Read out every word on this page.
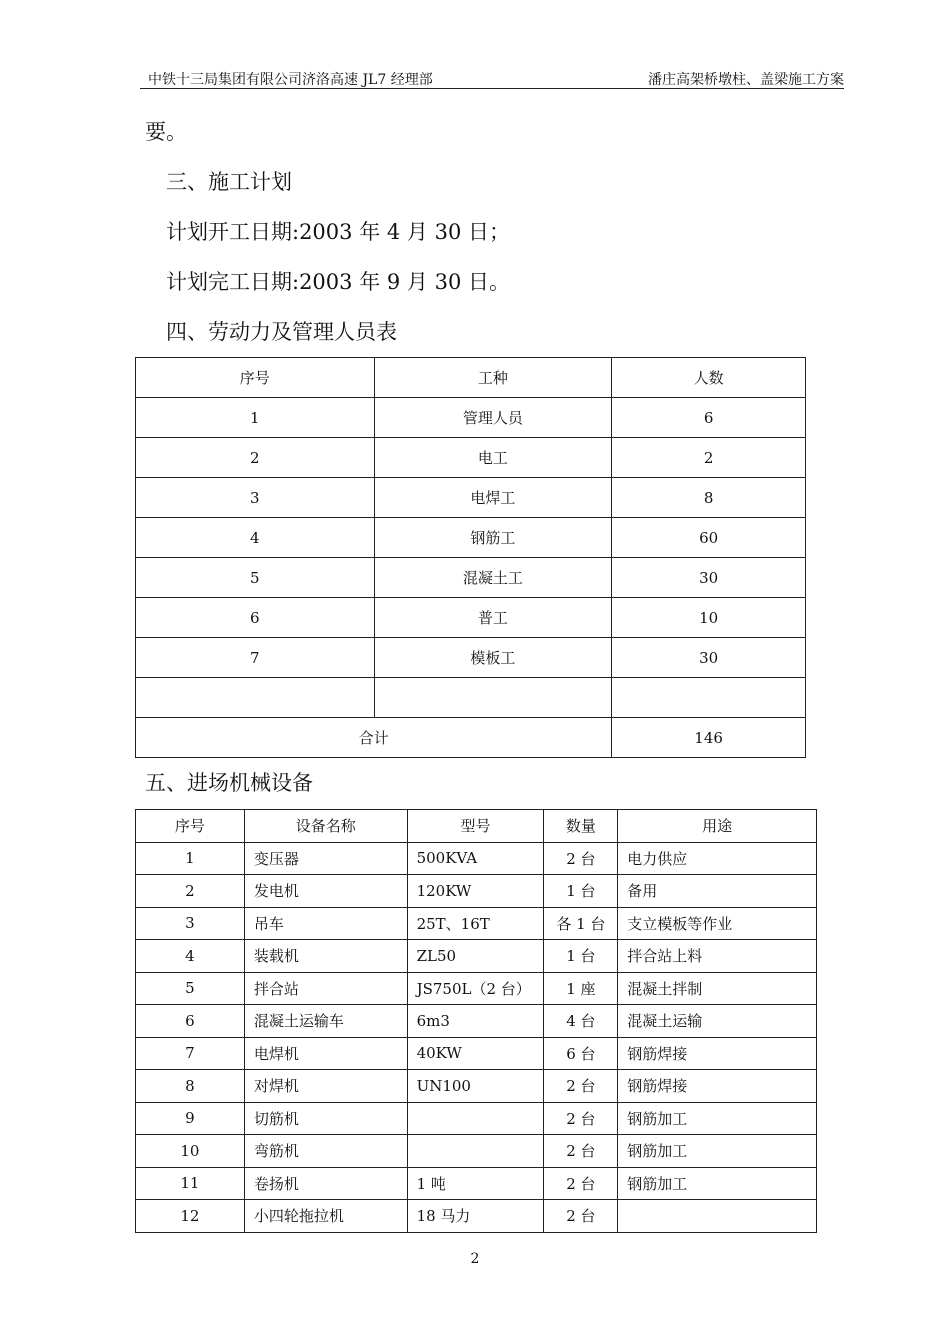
中铁十三局集团有限公司济洛高速 JL7 经理部	潘庄高架桥墩柱、盖梁施工方案
要。
三、施工计划
计划开工日期:2003 年 4 月 30 日；
计划完工日期:2003 年 9 月 30 日。
四、劳动力及管理人员表
序号	工种	人数
1	管理人员	6
2	电工	2
3	电焊工	8
4	钢筋工	60
5	混凝土工	30
6	普工	10
7	模板工	30

合计		146
五、进场机械设备
序号	设备名称	型号	数量	用途
1	变压器	500KVA	2 台	电力供应
2	发电机	120KW	1 台	备用
3	吊车	25T、16T	各 1 台	支立模板等作业
4	装载机	ZL50	1 台	拌合站上料
5	拌合站	JS750L（2 台）	1 座	混凝土拌制
6	混凝土运输车	6m3	4 台	混凝土运输
7	电焊机	40KW	6 台	钢筋焊接
8	对焊机	UN100	2 台	钢筋焊接
9	切筋机		2 台	钢筋加工
10	弯筋机		2 台	钢筋加工
11	卷扬机	1 吨	2 台	钢筋加工
12	小四轮拖拉机	18 马力	2 台	
2
